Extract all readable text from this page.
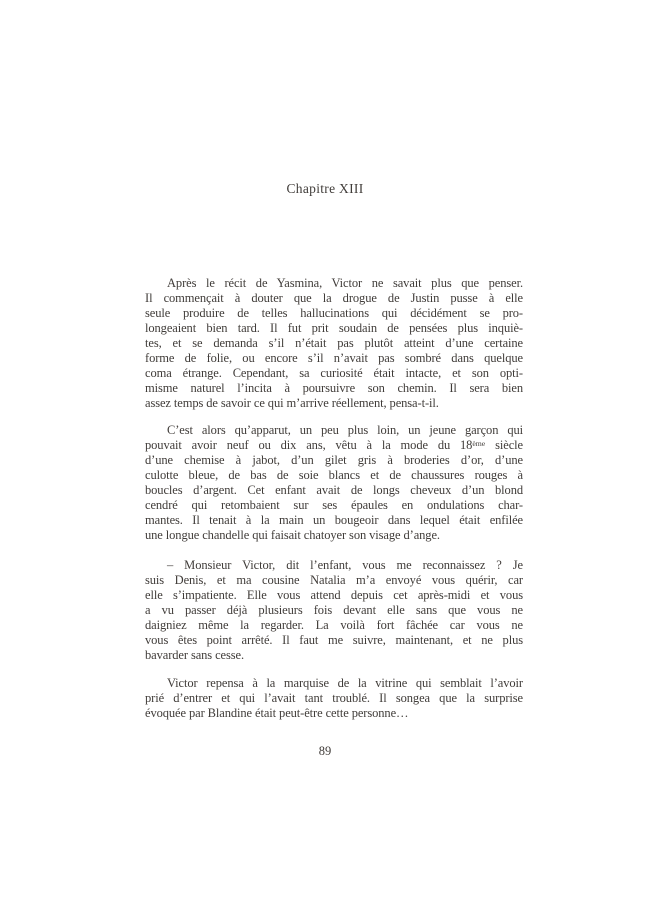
Chapitre XIII
Après le récit de Yasmina, Victor ne savait plus que penser.
Il commençait à douter que la drogue de Justin pusse à elle
seule produire de telles hallucinations qui décidément se pro-
longeaient bien tard. Il fut prit soudain de pensées plus inquiè-
tes, et se demanda s’il n’était pas plutôt atteint d’une certaine
forme de folie, ou encore s’il n’avait pas sombré dans quelque
coma étrange. Cependant, sa curiosité était intacte, et son opti-
misme naturel l’incita à poursuivre son chemin. Il sera bien
assez temps de savoir ce qui m’arrive réellement, pensa-t-il.
C’est alors qu’apparut, un peu plus loin, un jeune garçon qui
pouvait avoir neuf ou dix ans, vêtu à la mode du 18ème siècle
d’une chemise à jabot, d’un gilet gris à broderies d’or, d’une
culotte bleue, de bas de soie blancs et de chaussures rouges à
boucles d’argent. Cet enfant avait de longs cheveux d’un blond
cendré qui retombaient sur ses épaules en ondulations char-
mantes. Il tenait à la main un bougeoir dans lequel était enfilée
une longue chandelle qui faisait chatoyer son visage d’ange.
– Monsieur Victor, dit l’enfant, vous me reconnaissez ? Je
suis Denis, et ma cousine Natalia m’a envoyé vous quérir, car
elle s’impatiente. Elle vous attend depuis cet après-midi et vous
a vu passer déjà plusieurs fois devant elle sans que vous ne
daigniez même la regarder. La voilà fort fâchée car vous ne
vous êtes point arrêté. Il faut me suivre, maintenant, et ne plus
bavarder sans cesse.
Victor repensa à la marquise de la vitrine qui semblait l’avoir
prié d’entrer et qui l’avait tant troublé. Il songea que la surprise
évoquée par Blandine était peut-être cette personne…
89
